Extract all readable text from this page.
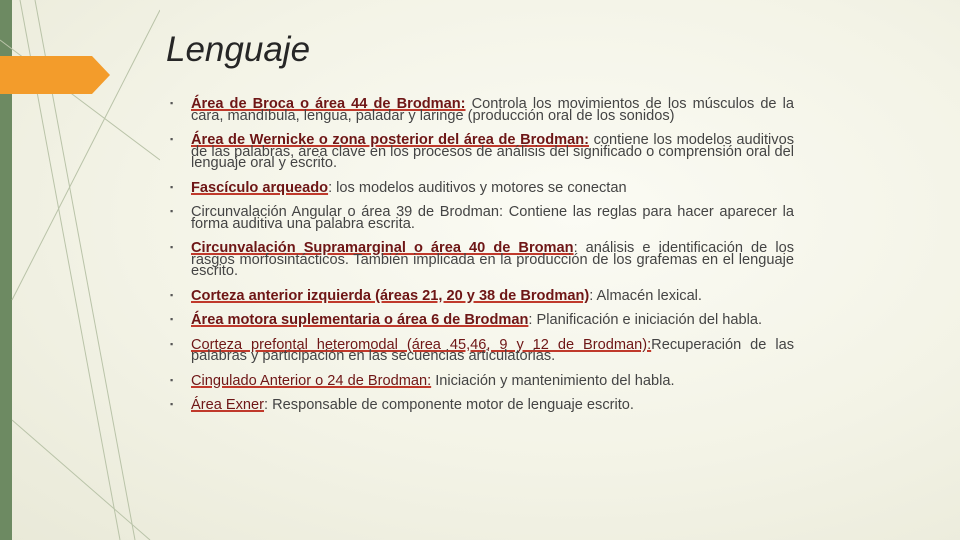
Lenguaje
▪ Área de Broca o área 44 de Brodman: Controla los movimientos de los músculos de la cara, mandíbula, lengua, paladar y laringe (producción oral de los sonidos)
▪ Área de Wernicke o zona posterior del área de Brodman: contiene los modelos auditivos de las palabras, área clave en los procesos de análisis del significado o comprensión oral del lenguaje oral y escrito.
▪ Fascículo arqueado: los modelos auditivos y motores se conectan
▪ Circunvalación Angular o área 39 de Brodman: Contiene las reglas para hacer aparecer la forma auditiva una palabra escrita.
▪ Circunvalación Supramarginal o área 40 de Broman: análisis e identificación de los rasgos morfosintácticos. También implicada en la producción de los grafemas en el lenguaje escrito.
▪ Corteza anterior izquierda (áreas 21, 20 y 38 de Brodman): Almacén lexical.
▪ Área motora suplementaria o área 6 de Brodman: Planificación e iniciación del habla.
▪ Corteza prefontal heteromodal (área 45,46, 9 y 12 de Brodman):Recuperación de las palabras y participación en las secuencias articulatorias.
▪ Cingulado Anterior o 24 de Brodman: Iniciación y mantenimiento del habla.
▪ Área Exner: Responsable de componente motor de lenguaje escrito.
